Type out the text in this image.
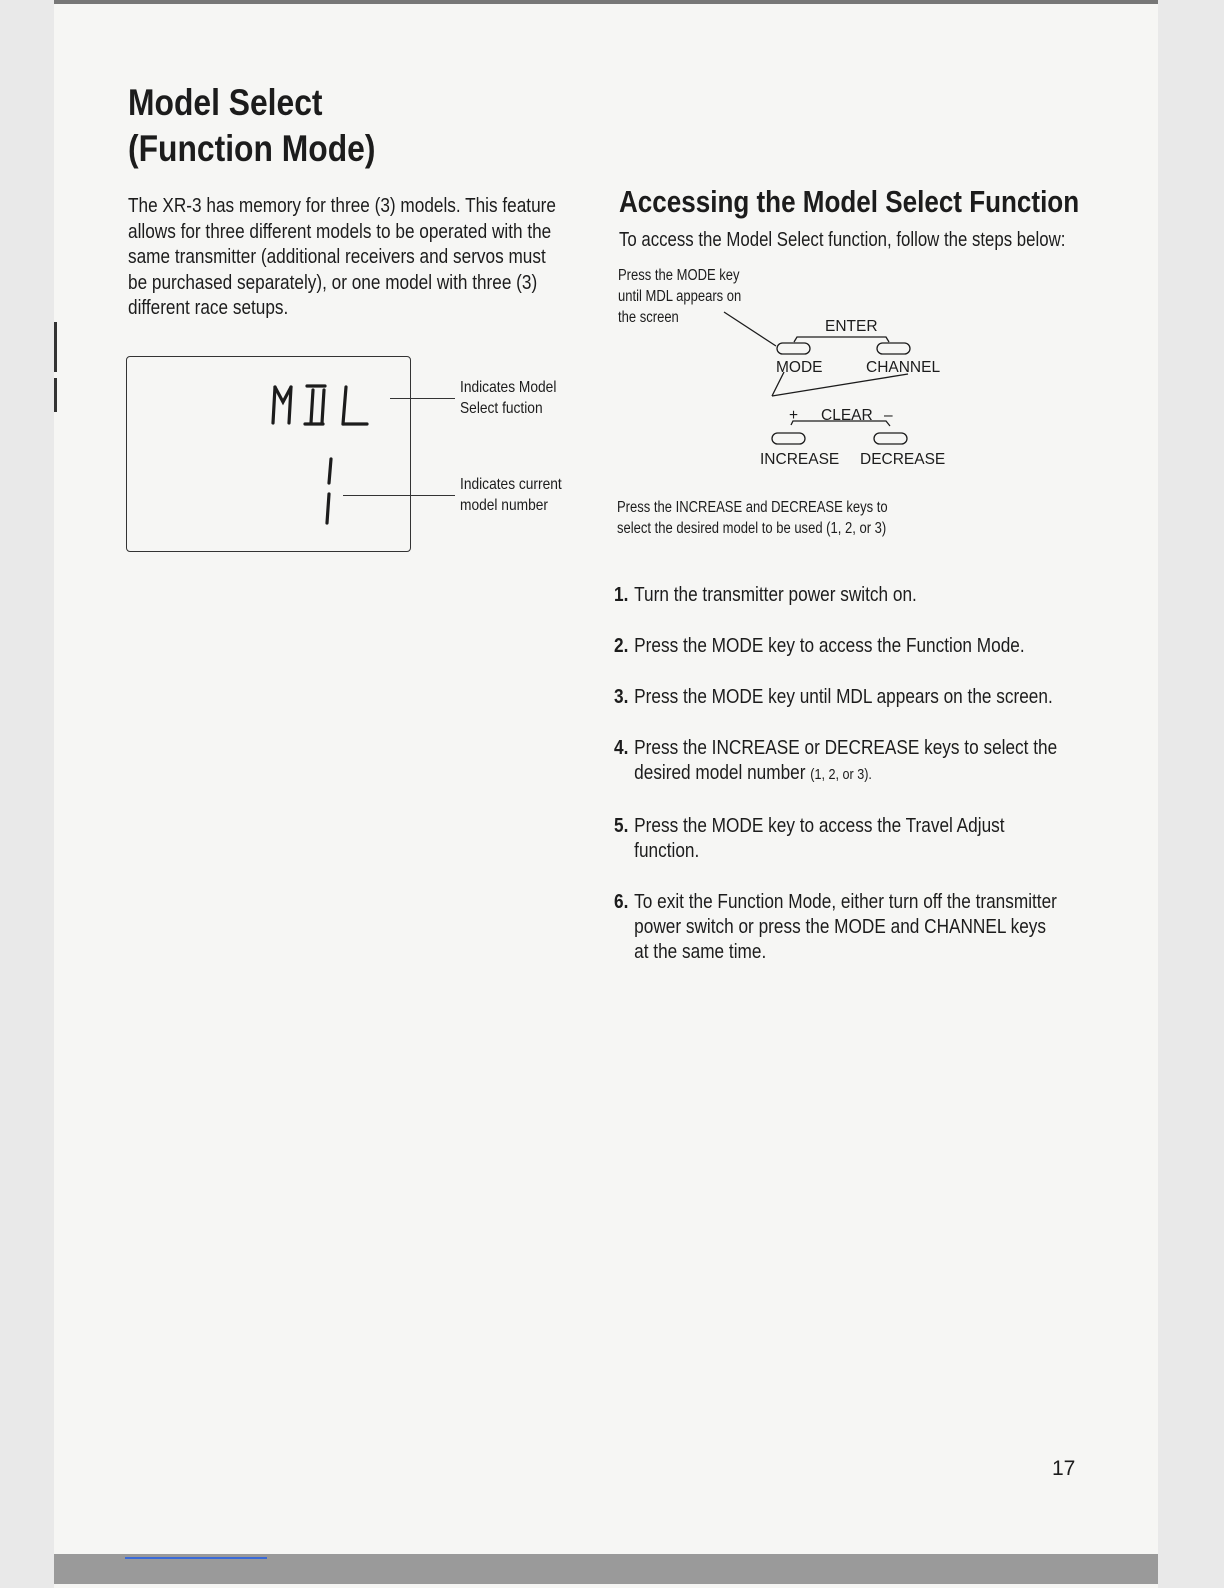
Model Select
(Function Mode)

The XR-3 has memory for three (3) models. This feature allows for three different models to be operated with the same transmitter (additional receivers and servos must be purchased separately), or one model with three (3) different race setups.

Indicates Model
Select fuction

Indicates current
model number

Accessing the Model Select Function

To access the Model Select function, follow the steps below:

Press the MODE key
until MDL appears on
the screen

ENTER
MODE	CHANNEL
+ CLEAR –
INCREASE DECREASE

Press the INCREASE and DECREASE keys to
select the desired model to be used (1, 2, or 3)

1. Turn the transmitter power switch on.
2. Press the MODE key to access the Function Mode.
3. Press the MODE key until MDL appears on the screen.
4. Press the INCREASE or DECREASE keys to select the desired model number (1, 2, or 3).
5. Press the MODE key to access the Travel Adjust function.
6. To exit the Function Mode, either turn off the transmitter power switch or press the MODE and CHANNEL keys at the same time.

17
